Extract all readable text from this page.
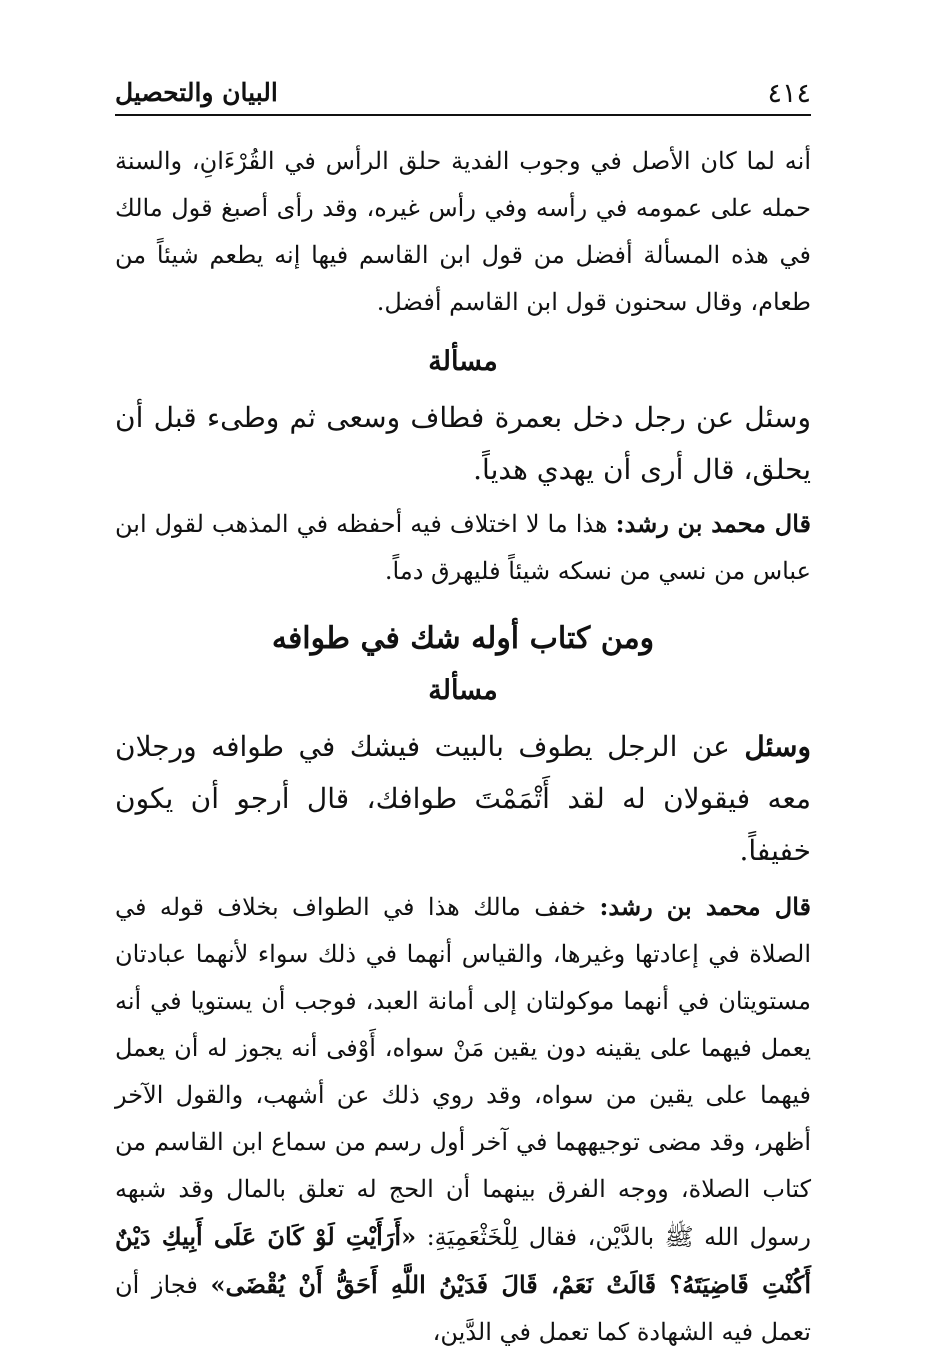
٤١٤
البيان والتحصيل

أنه لما كان الأصل في وجوب الفدية حلق الرأس في القُرْءَانِ، والسنة حمله على عمومه في رأسه وفي رأس غيره، وقد رأى أصبغ قول مالك في هذه المسألة أفضل من قول ابن القاسم فيها إنه يطعم شيئاً من طعام، وقال سحنون قول ابن القاسم أفضل.

مسألة

وسئل عن رجل دخل بعمرة فطاف وسعى ثم وطىء قبل أن يحلق، قال أرى أن يهدي هدياً.

قال محمد بن رشد: هذا ما لا اختلاف فيه أحفظه في المذهب لقول ابن عباس من نسي من نسكه شيئاً فليهرق دماً.

ومن كتاب أوله شك في طوافه

مسألة

وسئل عن الرجل يطوف بالبيت فيشك في طوافه ورجلان معه فيقولان له لقد أَتْمَمْتَ طوافك، قال أرجو أن يكون خفيفاً.

قال محمد بن رشد: خفف مالك هذا في الطواف بخلاف قوله في الصلاة في إعادتها وغيرها، والقياس أنهما في ذلك سواء لأنهما عبادتان مستويتان في أنهما موكولتان إلى أمانة العبد، فوجب أن يستويا في أنه يعمل فيهما على يقينه دون يقين مَنْ سواه، أَوْفى أنه يجوز له أن يعمل فيهما على يقين من سواه، وقد روي ذلك عن أشهب، والقول الآخر أظهر، وقد مضى توجيههما في آخر أول رسم من سماع ابن القاسم من كتاب الصلاة، ووجه الفرق بينهما أن الحج له تعلق بالمال وقد شبهه رسول الله ﷺ بالدَّيْن، فقال لِلْخَثْعَمِيَةِ: «أَرَأَيْتِ لَوْ كَانَ عَلَى أَبِيكِ دَيْنٌ أَكُنْتِ قَاضِيَتَهُ؟ قَالَتْ نَعَمْ، قَالَ فَدَيْنُ اللَّهِ أَحَقُّ أَنْ يُقْضَى» فجاز أن تعمل فيه الشهادة كما تعمل في الدَّين،
